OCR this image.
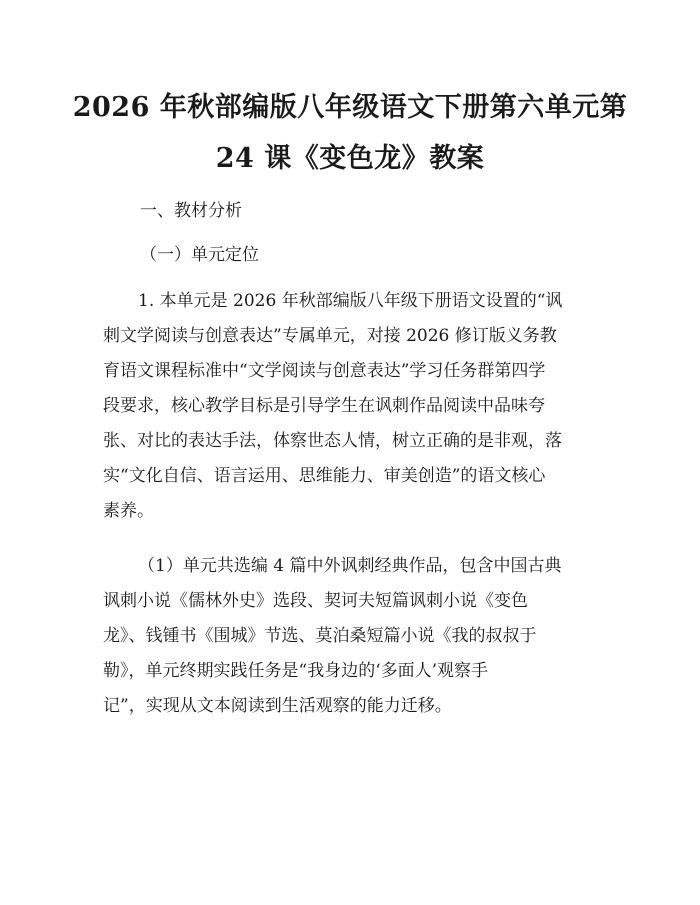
2026 年秋部编版八年级语文下册第六单元第
24 课《变色龙》教案
一、教材分析
（一）单元定位

1. 本单元是 2026 年秋部编版八年级下册语文设置的“讽

刺文学阅读与创意表达”专属单元，对接 2026 修订版义务教

育语文课程标准中“文学阅读与创意表达”学习任务群第四学

段要求，核心教学目标是引导学生在讽刺作品阅读中品味夸

张、对比的表达手法，体察世态人情，树立正确的是非观，落

实“文化自信、语言运用、思维能力、审美创造”的语文核心

素养。

（1）单元共选编 4 篇中外讽刺经典作品，包含中国古典

讽刺小说《儒林外史》选段、契诃夫短篇讽刺小说《变色

龙》、钱锺书《围城》节选、莫泊桑短篇小说《我的叔叔于

勒》，单元终期实践任务是“我身边的‘多面人’观察手

记”，实现从文本阅读到生活观察的能力迁移。
